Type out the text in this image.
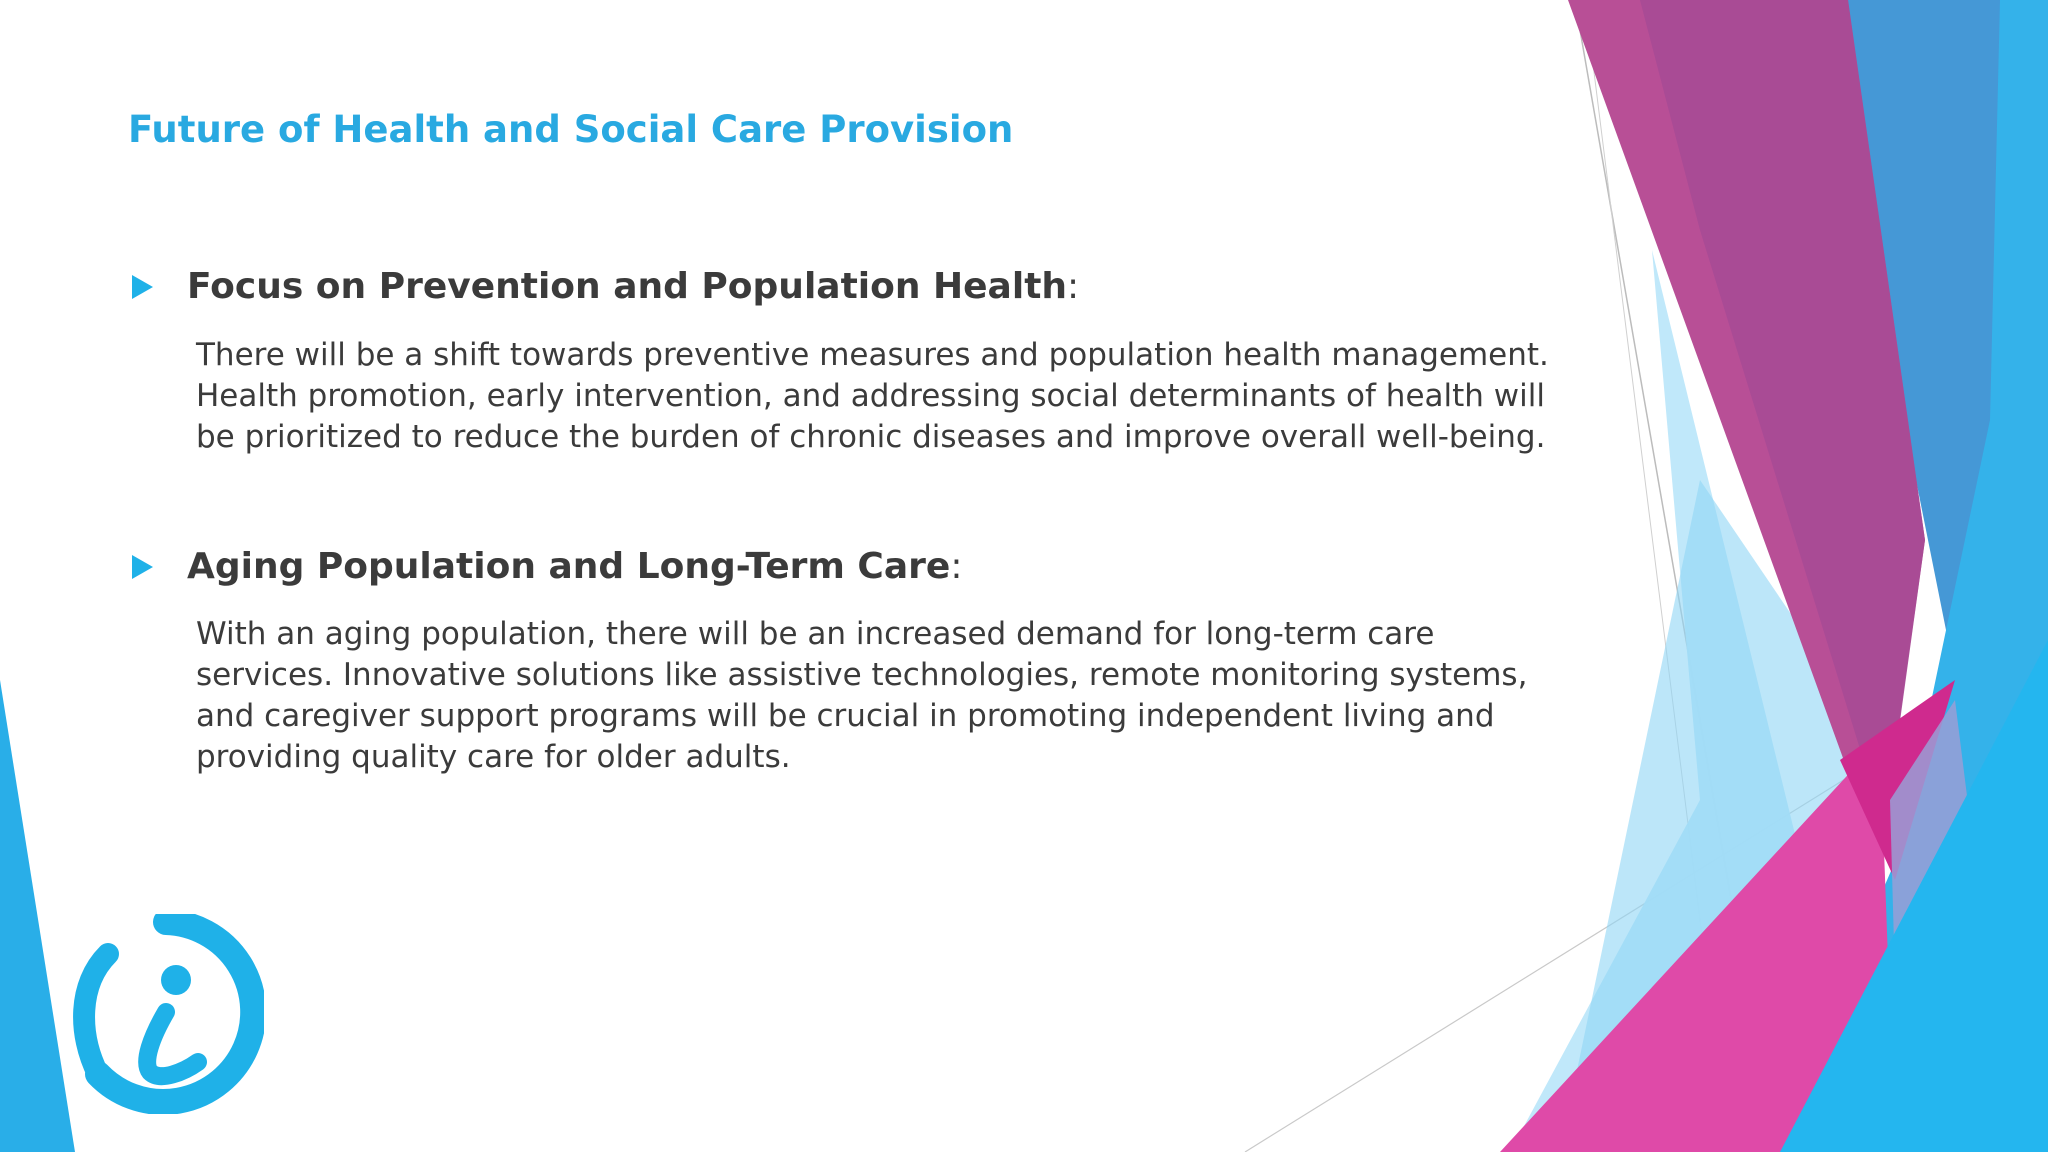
Future of Health and Social Care Provision
Focus on Prevention and Population Health :
There will be a shift towards preventive measures and population health management.
Health promotion, early intervention, and addressing social determinants of health will
be prioritized to reduce the burden of chronic diseases and improve overall well-being.
Aging Population and Long-Term Care :
With an aging population, there will be an increased demand for long-term care
services. Innovative solutions like assistive technologies, remote monitoring systems,
and caregiver support programs will be crucial in promoting independent living and
providing quality care for older adults.
